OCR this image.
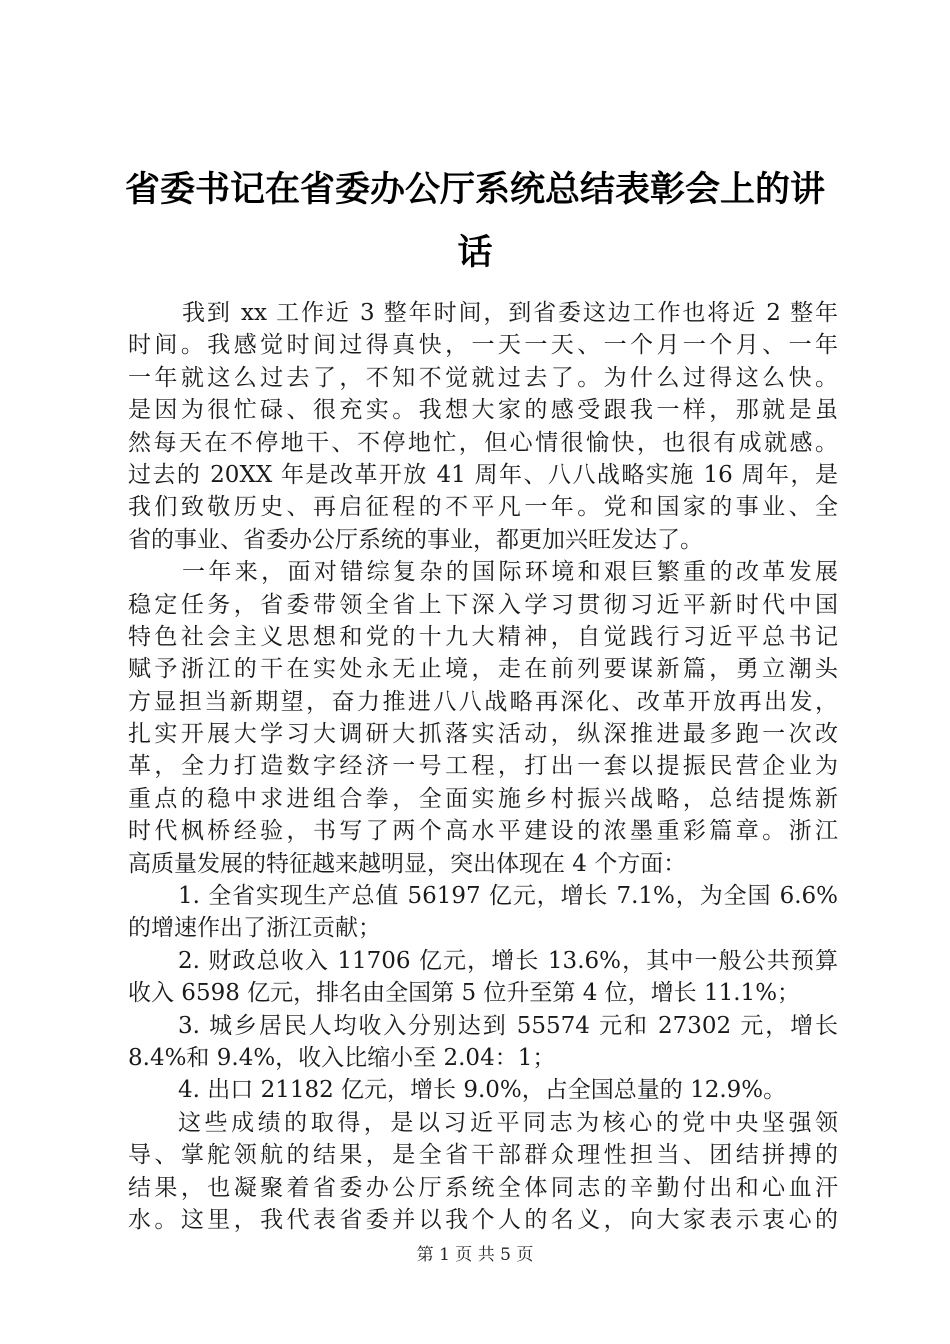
省委书记在省委办公厅系统总结表彰会上的讲
话
我到 xx 工作近 3 整年时间，到省委这边工作也将近 2 整年
时间。我感觉时间过得真快，一天一天、一个月一个月、一年
一年就这么过去了，不知不觉就过去了。为什么过得这么快。
是因为很忙碌、很充实。我想大家的感受跟我一样，那就是虽
然每天在不停地干、不停地忙，但心情很愉快，也很有成就感。
过去的 20XX 年是改革开放 41 周年、八八战略实施 16 周年，是
我们致敬历史、再启征程的不平凡一年。党和国家的事业、全
省的事业、省委办公厅系统的事业，都更加兴旺发达了。
一年来，面对错综复杂的国际环境和艰巨繁重的改革发展
稳定任务，省委带领全省上下深入学习贯彻习近平新时代中国
特色社会主义思想和党的十九大精神，自觉践行习近平总书记
赋予浙江的干在实处永无止境，走在前列要谋新篇，勇立潮头
方显担当新期望，奋力推进八八战略再深化、改革开放再出发，
扎实开展大学习大调研大抓落实活动，纵深推进最多跑一次改
革，全力打造数字经济一号工程，打出一套以提振民营企业为
重点的稳中求进组合拳，全面实施乡村振兴战略，总结提炼新
时代枫桥经验，书写了两个高水平建设的浓墨重彩篇章。浙江
高质量发展的特征越来越明显，突出体现在 4 个方面：
1. 全省实现生产总值 56197 亿元，增长 7.1%，为全国 6.6%
的增速作出了浙江贡献；
2. 财政总收入 11706 亿元，增长 13.6%，其中一般公共预算
收入 6598 亿元，排名由全国第 5 位升至第 4 位，增长 11.1%；
3. 城乡居民人均收入分别达到 55574 元和 27302 元，增长
8.4%和 9.4%，收入比缩小至 2.04：1；
4. 出口 21182 亿元，增长 9.0%，占全国总量的 12.9%。
这些成绩的取得，是以习近平同志为核心的党中央坚强领
导、掌舵领航的结果，是全省干部群众理性担当、团结拼搏的
结果，也凝聚着省委办公厅系统全体同志的辛勤付出和心血汗
水。这里，我代表省委并以我个人的名义，向大家表示衷心的
第 1 页 共 5 页
